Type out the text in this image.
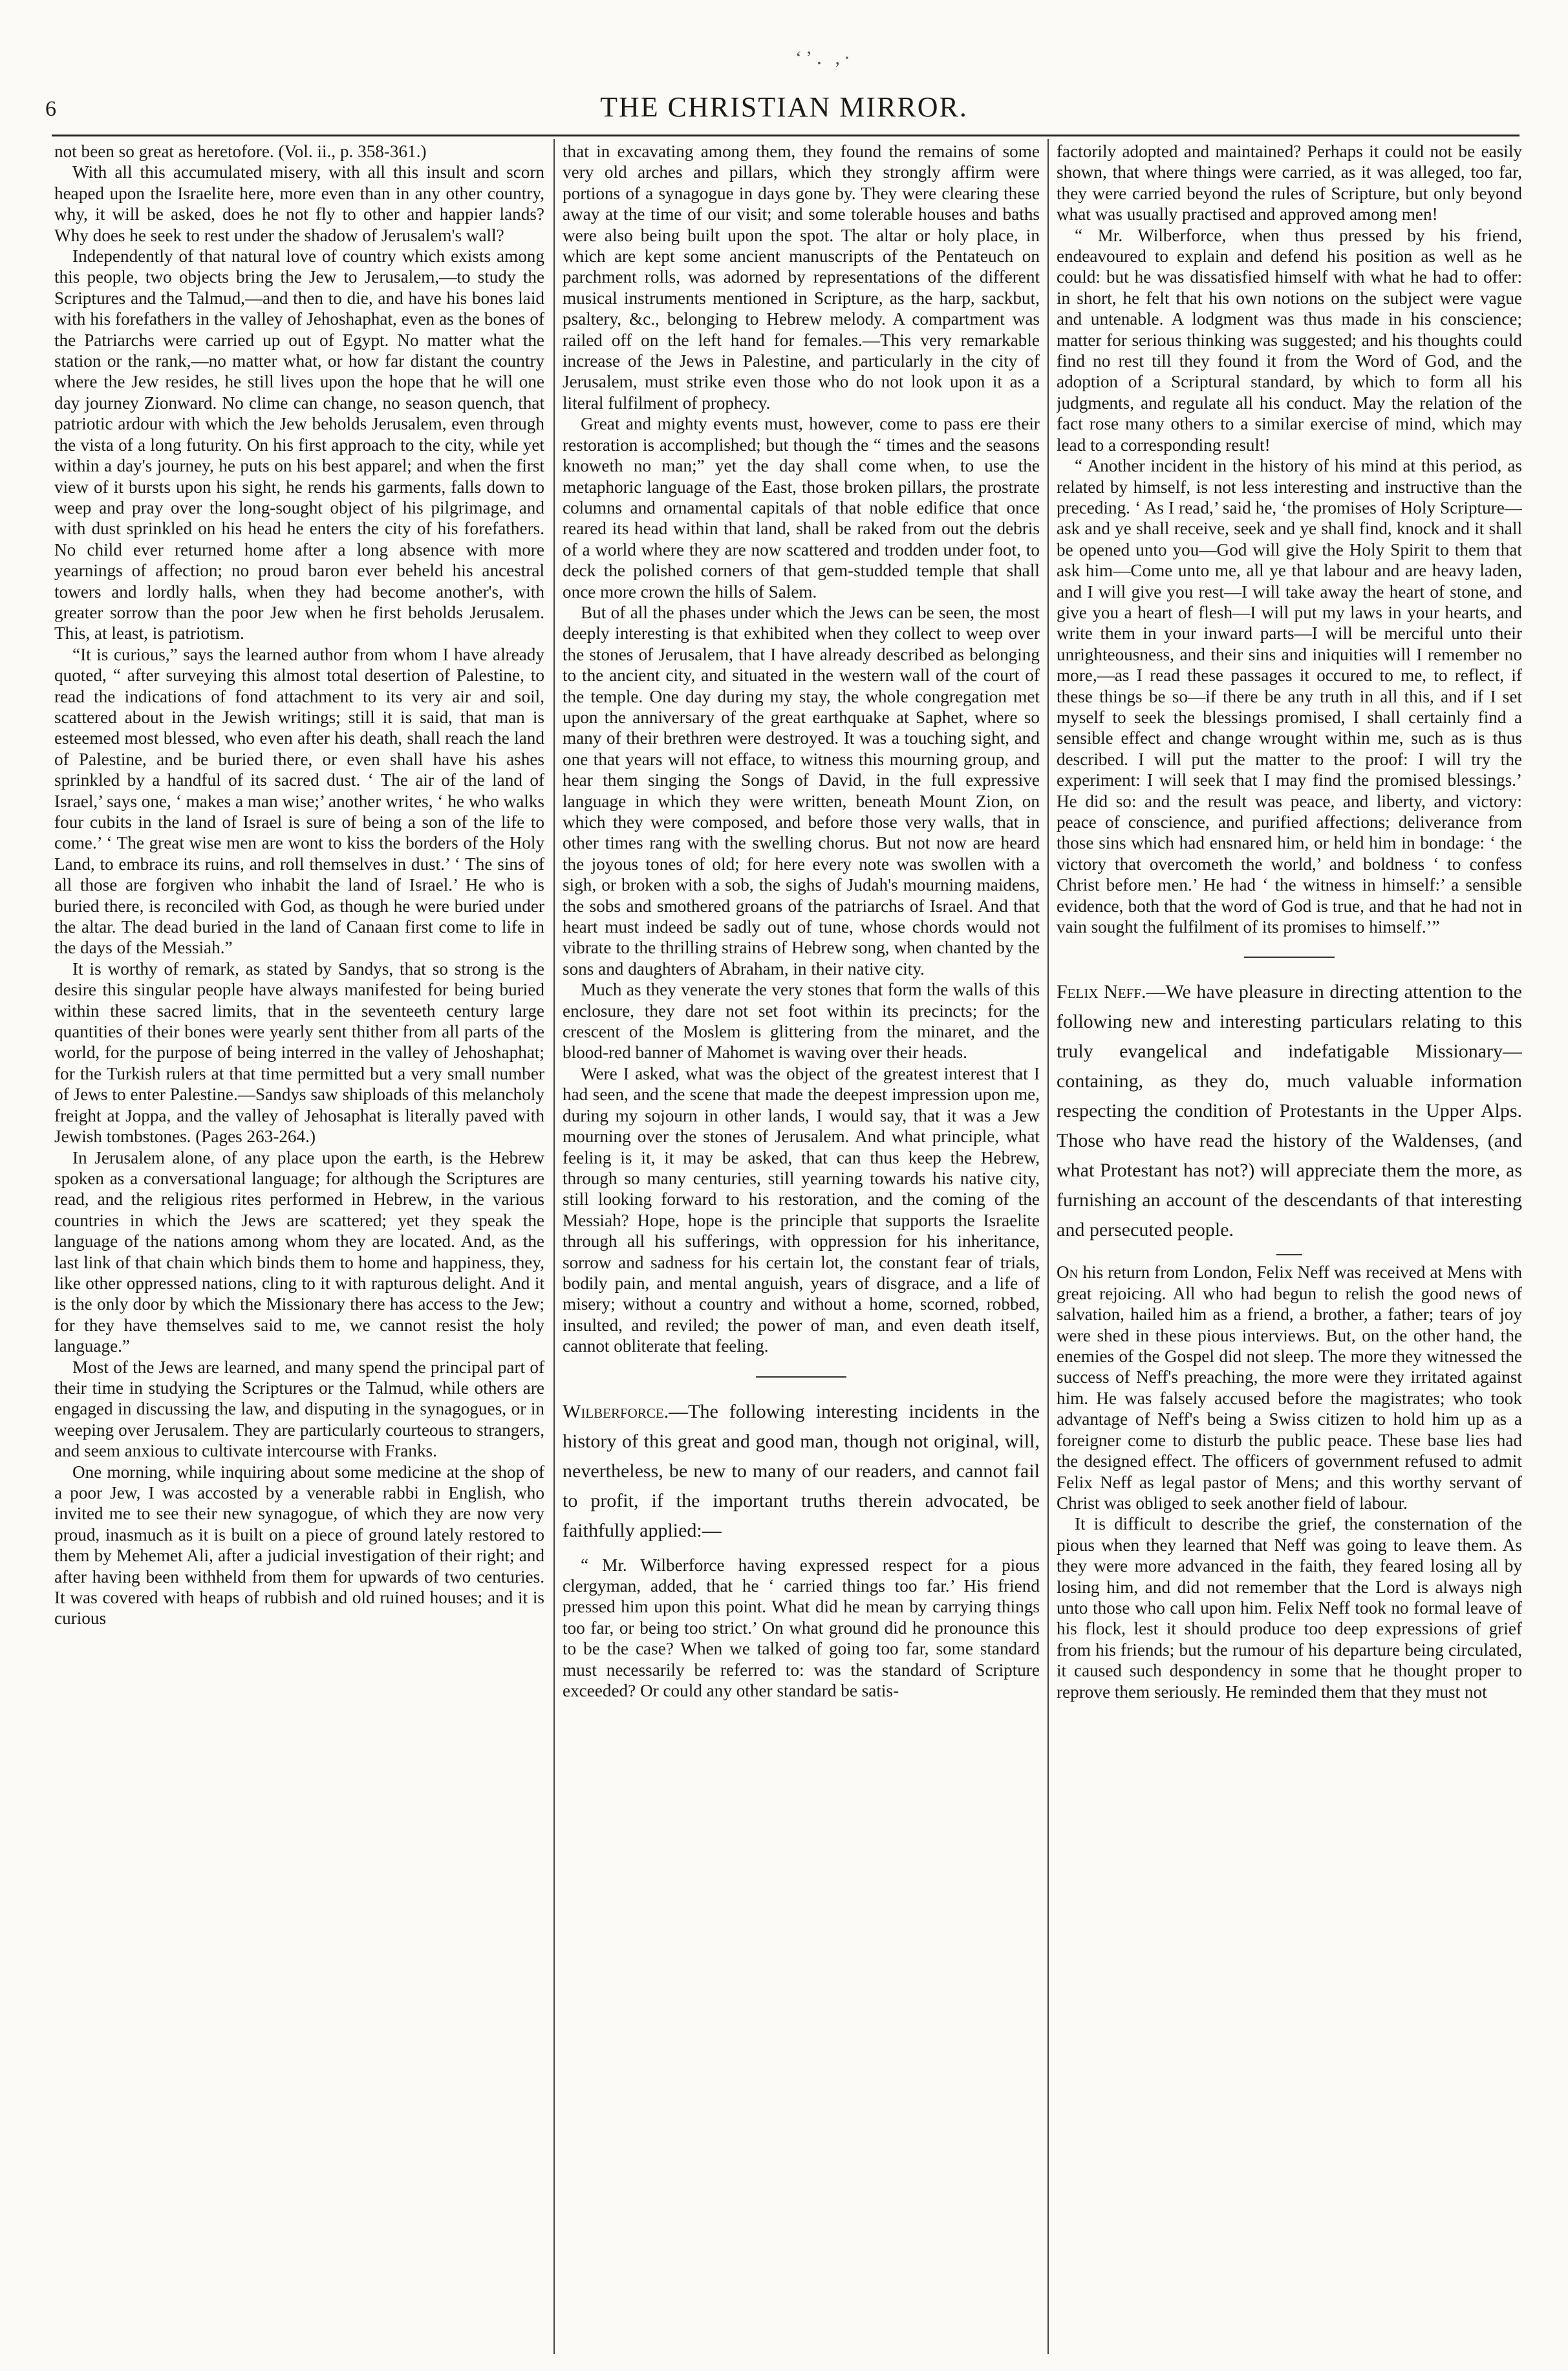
‘’․ ,·
6	THE CHRISTIAN MIRROR.

not been so great as heretofore. (Vol. ii., p. 358-361.)

With all this accumulated misery, with all this insult and scorn heaped upon the Israelite here, more even than in any other country, why, it will be asked, does he not fly to other and happier lands? Why does he seek to rest under the shadow of Jerusalem's wall?

Independently of that natural love of country which exists among this people, two objects bring the Jew to Jerusalem,—to study the Scriptures and the Talmud,—and then to die, and have his bones laid with his forefathers in the valley of Jehoshaphat, even as the bones of the Patriarchs were carried up out of Egypt. No matter what the station or the rank,—no matter what, or how far distant the country where the Jew resides, he still lives upon the hope that he will one day journey Zionward. No clime can change, no season quench, that patriotic ardour with which the Jew beholds Jerusalem, even through the vista of a long futurity. On his first approach to the city, while yet within a day's journey, he puts on his best apparel; and when the first view of it bursts upon his sight, he rends his garments, falls down to weep and pray over the long-sought object of his pilgrimage, and with dust sprinkled on his head he enters the city of his forefathers. No child ever returned home after a long absence with more yearnings of affection; no proud baron ever beheld his ancestral towers and lordly halls, when they had become another's, with greater sorrow than the poor Jew when he first beholds Jerusalem. This, at least, is patriotism.

“It is curious,” says the learned author from whom I have already quoted, “ after surveying this almost total desertion of Palestine, to read the indications of fond attachment to its very air and soil, scattered about in the Jewish writings; still it is said, that man is esteemed most blessed, who even after his death, shall reach the land of Palestine, and be buried there, or even shall have his ashes sprinkled by a handful of its sacred dust. ‘ The air of the land of Israel,’ says one, ‘ makes a man wise;’ another writes, ‘ he who walks four cubits in the land of Israel is sure of being a son of the life to come.’ ‘ The great wise men are wont to kiss the borders of the Holy Land, to embrace its ruins, and roll themselves in dust.’ ‘ The sins of all those are forgiven who inhabit the land of Israel.’ He who is buried there, is reconciled with God, as though he were buried under the altar. The dead buried in the land of Canaan first come to life in the days of the Messiah.”

It is worthy of remark, as stated by Sandys, that so strong is the desire this singular people have always manifested for being buried within these sacred limits, that in the seventeeth century large quantities of their bones were yearly sent thither from all parts of the world, for the purpose of being interred in the valley of Jehoshaphat; for the Turkish rulers at that time permitted but a very small number of Jews to enter Palestine.—Sandys saw shiploads of this melancholy freight at Joppa, and the valley of Jehosaphat is literally paved with Jewish tombstones. (Pages 263-264.)

In Jerusalem alone, of any place upon the earth, is the Hebrew spoken as a conversational language; for although the Scriptures are read, and the religious rites performed in Hebrew, in the various countries in which the Jews are scattered; yet they speak the language of the nations among whom they are located. And, as the last link of that chain which binds them to home and happiness, they, like other oppressed nations, cling to it with rapturous delight. And it is the only door by which the Missionary there has access to the Jew; for they have themselves said to me, we cannot resist the holy language.”

Most of the Jews are learned, and many spend the principal part of their time in studying the Scriptures or the Talmud, while others are engaged in discussing the law, and disputing in the synagogues, or in weeping over Jerusalem. They are particularly courteous to strangers, and seem anxious to cultivate intercourse with Franks.

One morning, while inquiring about some medicine at the shop of a poor Jew, I was accosted by a venerable rabbi in English, who invited me to see their new synagogue, of which they are now very proud, inasmuch as it is built on a piece of ground lately restored to them by Mehemet Ali, after a judicial investigation of their right; and after having been withheld from them for upwards of two centuries. It was covered with heaps of rubbish and old ruined houses; and it is curious

that in excavating among them, they found the remains of some very old arches and pillars, which they strongly affirm were portions of a synagogue in days gone by. They were clearing these away at the time of our visit; and some tolerable houses and baths were also being built upon the spot. The altar or holy place, in which are kept some ancient manuscripts of the Pentateuch on parchment rolls, was adorned by representations of the different musical instruments mentioned in Scripture, as the harp, sackbut, psaltery, &c., belonging to Hebrew melody. A compartment was railed off on the left hand for females.—This very remarkable increase of the Jews in Palestine, and particularly in the city of Jerusalem, must strike even those who do not look upon it as a literal fulfilment of prophecy.

Great and mighty events must, however, come to pass ere their restoration is accomplished; but though the “ times and the seasons knoweth no man;” yet the day shall come when, to use the metaphoric language of the East, those broken pillars, the prostrate columns and ornamental capitals of that noble edifice that once reared its head within that land, shall be raked from out the debris of a world where they are now scattered and trodden under foot, to deck the polished corners of that gem-studded temple that shall once more crown the hills of Salem.

But of all the phases under which the Jews can be seen, the most deeply interesting is that exhibited when they collect to weep over the stones of Jerusalem, that I have already described as belonging to the ancient city, and situated in the western wall of the court of the temple. One day during my stay, the whole congregation met upon the anniversary of the great earthquake at Saphet, where so many of their brethren were destroyed. It was a touching sight, and one that years will not efface, to witness this mourning group, and hear them singing the Songs of David, in the full expressive language in which they were written, beneath Mount Zion, on which they were composed, and before those very walls, that in other times rang with the swelling chorus. But not now are heard the joyous tones of old; for here every note was swollen with a sigh, or broken with a sob, the sighs of Judah's mourning maidens, the sobs and smothered groans of the patriarchs of Israel. And that heart must indeed be sadly out of tune, whose chords would not vibrate to the thrilling strains of Hebrew song, when chanted by the sons and daughters of Abraham, in their native city.

Much as they venerate the very stones that form the walls of this enclosure, they dare not set foot within its precincts; for the crescent of the Moslem is glittering from the minaret, and the blood-red banner of Mahomet is waving over their heads.

Were I asked, what was the object of the greatest interest that I had seen, and the scene that made the deepest impression upon me, during my sojourn in other lands, I would say, that it was a Jew mourning over the stones of Jerusalem. And what principle, what feeling is it, it may be asked, that can thus keep the Hebrew, through so many centuries, still yearning towards his native city, still looking forward to his restoration, and the coming of the Messiah? Hope, hope is the principle that supports the Israelite through all his sufferings, with oppression for his inheritance, sorrow and sadness for his certain lot, the constant fear of trials, bodily pain, and mental anguish, years of disgrace, and a life of misery; without a country and without a home, scorned, robbed, insulted, and reviled; the power of man, and even death itself, cannot obliterate that feeling.

Wilberforce.—The following interesting incidents in the history of this great and good man, though not original, will, nevertheless, be new to many of our readers, and cannot fail to profit, if the important truths therein advocated, be faithfully applied:—

“ Mr. Wilberforce having expressed respect for a pious clergyman, added, that he ‘ carried things too far.’ His friend pressed him upon this point. What did he mean by carrying things too far, or being too strict.’ On what ground did he pronounce this to be the case? When we talked of going too far, some standard must necessarily be referred to: was the standard of Scripture exceeded? Or could any other standard be satis-

factorily adopted and maintained? Perhaps it could not be easily shown, that where things were carried, as it was alleged, too far, they were carried beyond the rules of Scripture, but only beyond what was usually practised and approved among men!

“ Mr. Wilberforce, when thus pressed by his friend, endeavoured to explain and defend his position as well as he could: but he was dissatisfied himself with what he had to offer: in short, he felt that his own notions on the subject were vague and untenable. A lodgment was thus made in his conscience; matter for serious thinking was suggested; and his thoughts could find no rest till they found it from the Word of God, and the adoption of a Scriptural standard, by which to form all his judgments, and regulate all his conduct. May the relation of the fact rose many others to a similar exercise of mind, which may lead to a corresponding result!

“ Another incident in the history of his mind at this period, as related by himself, is not less interesting and instructive than the preceding. ‘ As I read,’ said he, ‘the promises of Holy Scripture—ask and ye shall receive, seek and ye shall find, knock and it shall be opened unto you—God will give the Holy Spirit to them that ask him—Come unto me, all ye that labour and are heavy laden, and I will give you rest—I will take away the heart of stone, and give you a heart of flesh—I will put my laws in your hearts, and write them in your inward parts—I will be merciful unto their unrighteousness, and their sins and iniquities will I remember no more,—as I read these passages it occured to me, to reflect, if these things be so—if there be any truth in all this, and if I set myself to seek the blessings promised, I shall certainly find a sensible effect and change wrought within me, such as is thus described. I will put the matter to the proof: I will try the experiment: I will seek that I may find the promised blessings.’ He did so: and the result was peace, and liberty, and victory: peace of conscience, and purified affections; deliverance from those sins which had ensnared him, or held him in bondage: ‘ the victory that overcometh the world,’ and boldness ‘ to confess Christ before men.’ He had ‘ the witness in himself:’ a sensible evidence, both that the word of God is true, and that he had not in vain sought the fulfilment of its promises to himself.’”

Felix Neff.—We have pleasure in directing attention to the following new and interesting particulars relating to this truly evangelical and indefatigable Missionary—containing, as they do, much valuable information respecting the condition of Protestants in the Upper Alps. Those who have read the history of the Waldenses, (and what Protestant has not?) will appreciate them the more, as furnishing an account of the descendants of that interesting and persecuted people.

On his return from London, Felix Neff was received at Mens with great rejoicing. All who had begun to relish the good news of salvation, hailed him as a friend, a brother, a father; tears of joy were shed in these pious interviews. But, on the other hand, the enemies of the Gospel did not sleep. The more they witnessed the success of Neff's preaching, the more were they irritated against him. He was falsely accused before the magistrates; who took advantage of Neff's being a Swiss citizen to hold him up as a foreigner come to disturb the public peace. These base lies had the designed effect. The officers of government refused to admit Felix Neff as legal pastor of Mens; and this worthy servant of Christ was obliged to seek another field of labour.

It is difficult to describe the grief, the consternation of the pious when they learned that Neff was going to leave them. As they were more advanced in the faith, they feared losing all by losing him, and did not remember that the Lord is always nigh unto those who call upon him. Felix Neff took no formal leave of his flock, lest it should produce too deep expressions of grief from his friends; but the rumour of his departure being circulated, it caused such despondency in some that he thought proper to reprove them seriously. He reminded them that they must not
